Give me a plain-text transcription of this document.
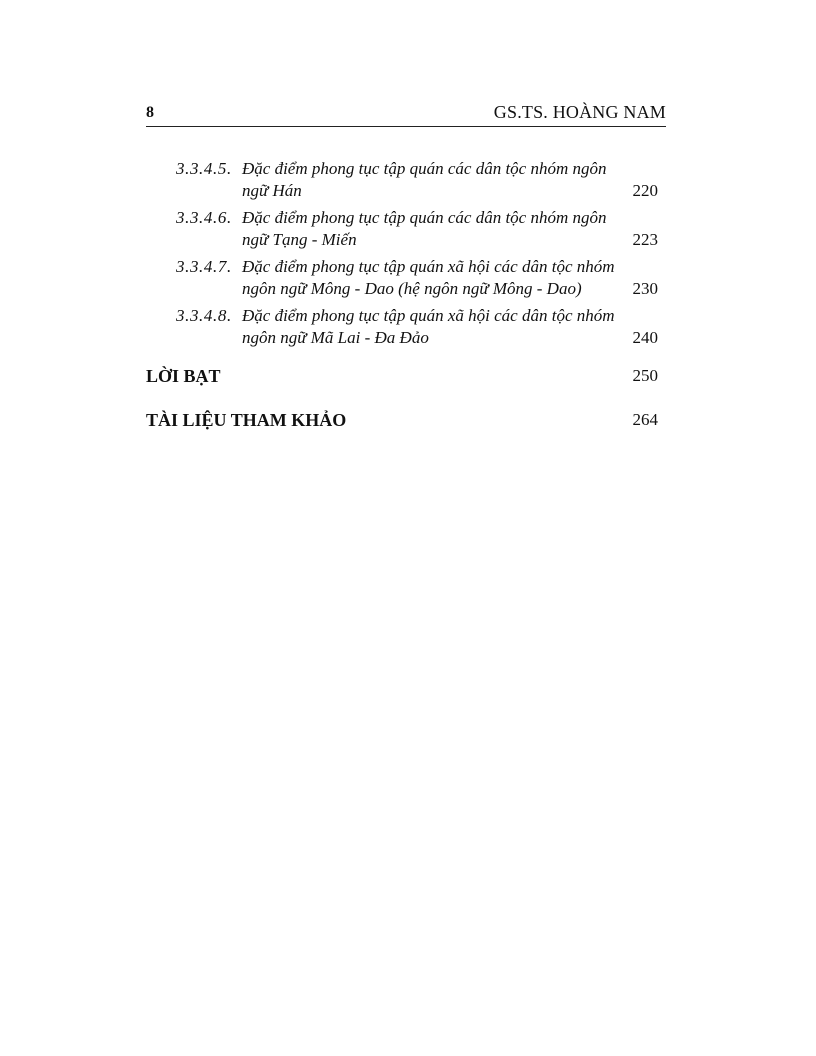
8	GS.TS. HOÀNG NAM
3.3.4.5. Đặc điểm phong tục tập quán các dân tộc nhóm ngôn ngữ Hán	220
3.3.4.6. Đặc điểm phong tục tập quán các dân tộc nhóm ngôn ngữ Tạng - Miến	223
3.3.4.7. Đặc điểm phong tục tập quán xã hội các dân tộc nhóm ngôn ngữ Mông - Dao (hệ ngôn ngữ Mông - Dao)	230
3.3.4.8. Đặc điểm phong tục tập quán xã hội các dân tộc nhóm ngôn ngữ Mã Lai - Đa Đảo	240
LỜI BẠT	250
TÀI LIỆU THAM KHẢO	264
